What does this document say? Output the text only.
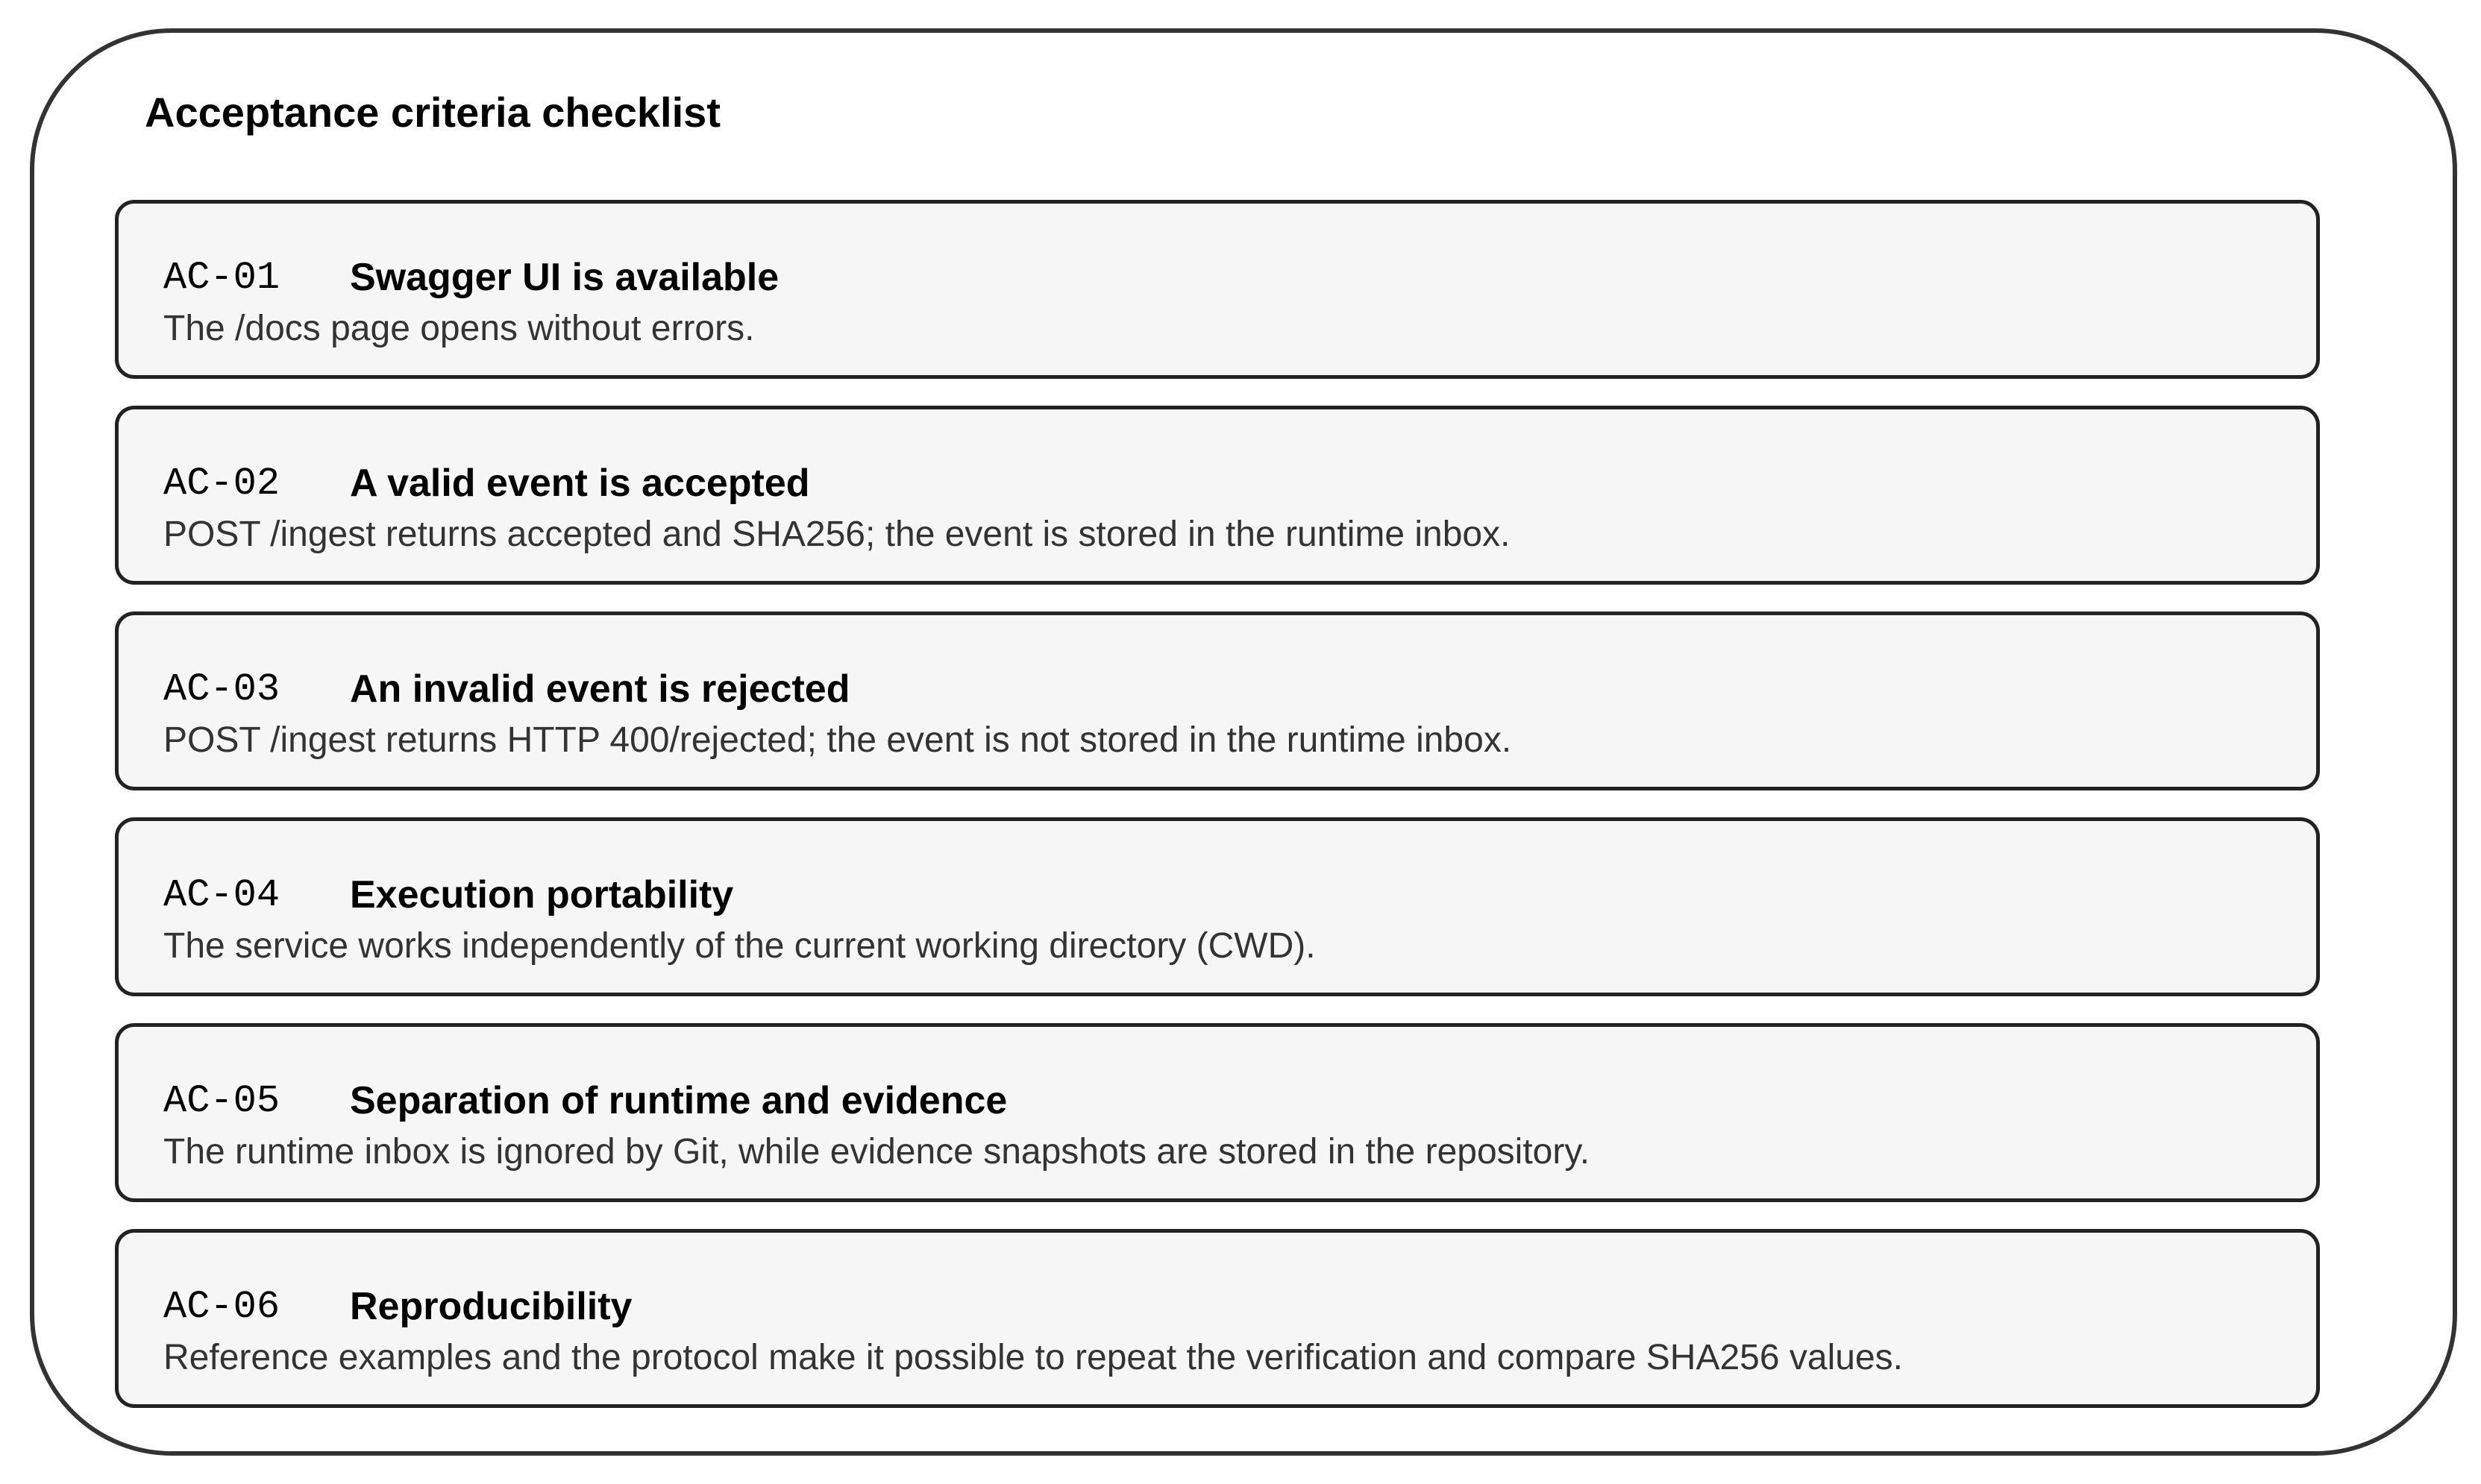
Acceptance criteria checklist
AC-01	Swagger UI is available
The /docs page opens without errors.
AC-02	A valid event is accepted
POST /ingest returns accepted and SHA256; the event is stored in the runtime inbox.
AC-03	An invalid event is rejected
POST /ingest returns HTTP 400/rejected; the event is not stored in the runtime inbox.
AC-04	Execution portability
The service works independently of the current working directory (CWD).
AC-05	Separation of runtime and evidence
The runtime inbox is ignored by Git, while evidence snapshots are stored in the repository.
AC-06	Reproducibility
Reference examples and the protocol make it possible to repeat the verification and compare SHA256 values.
